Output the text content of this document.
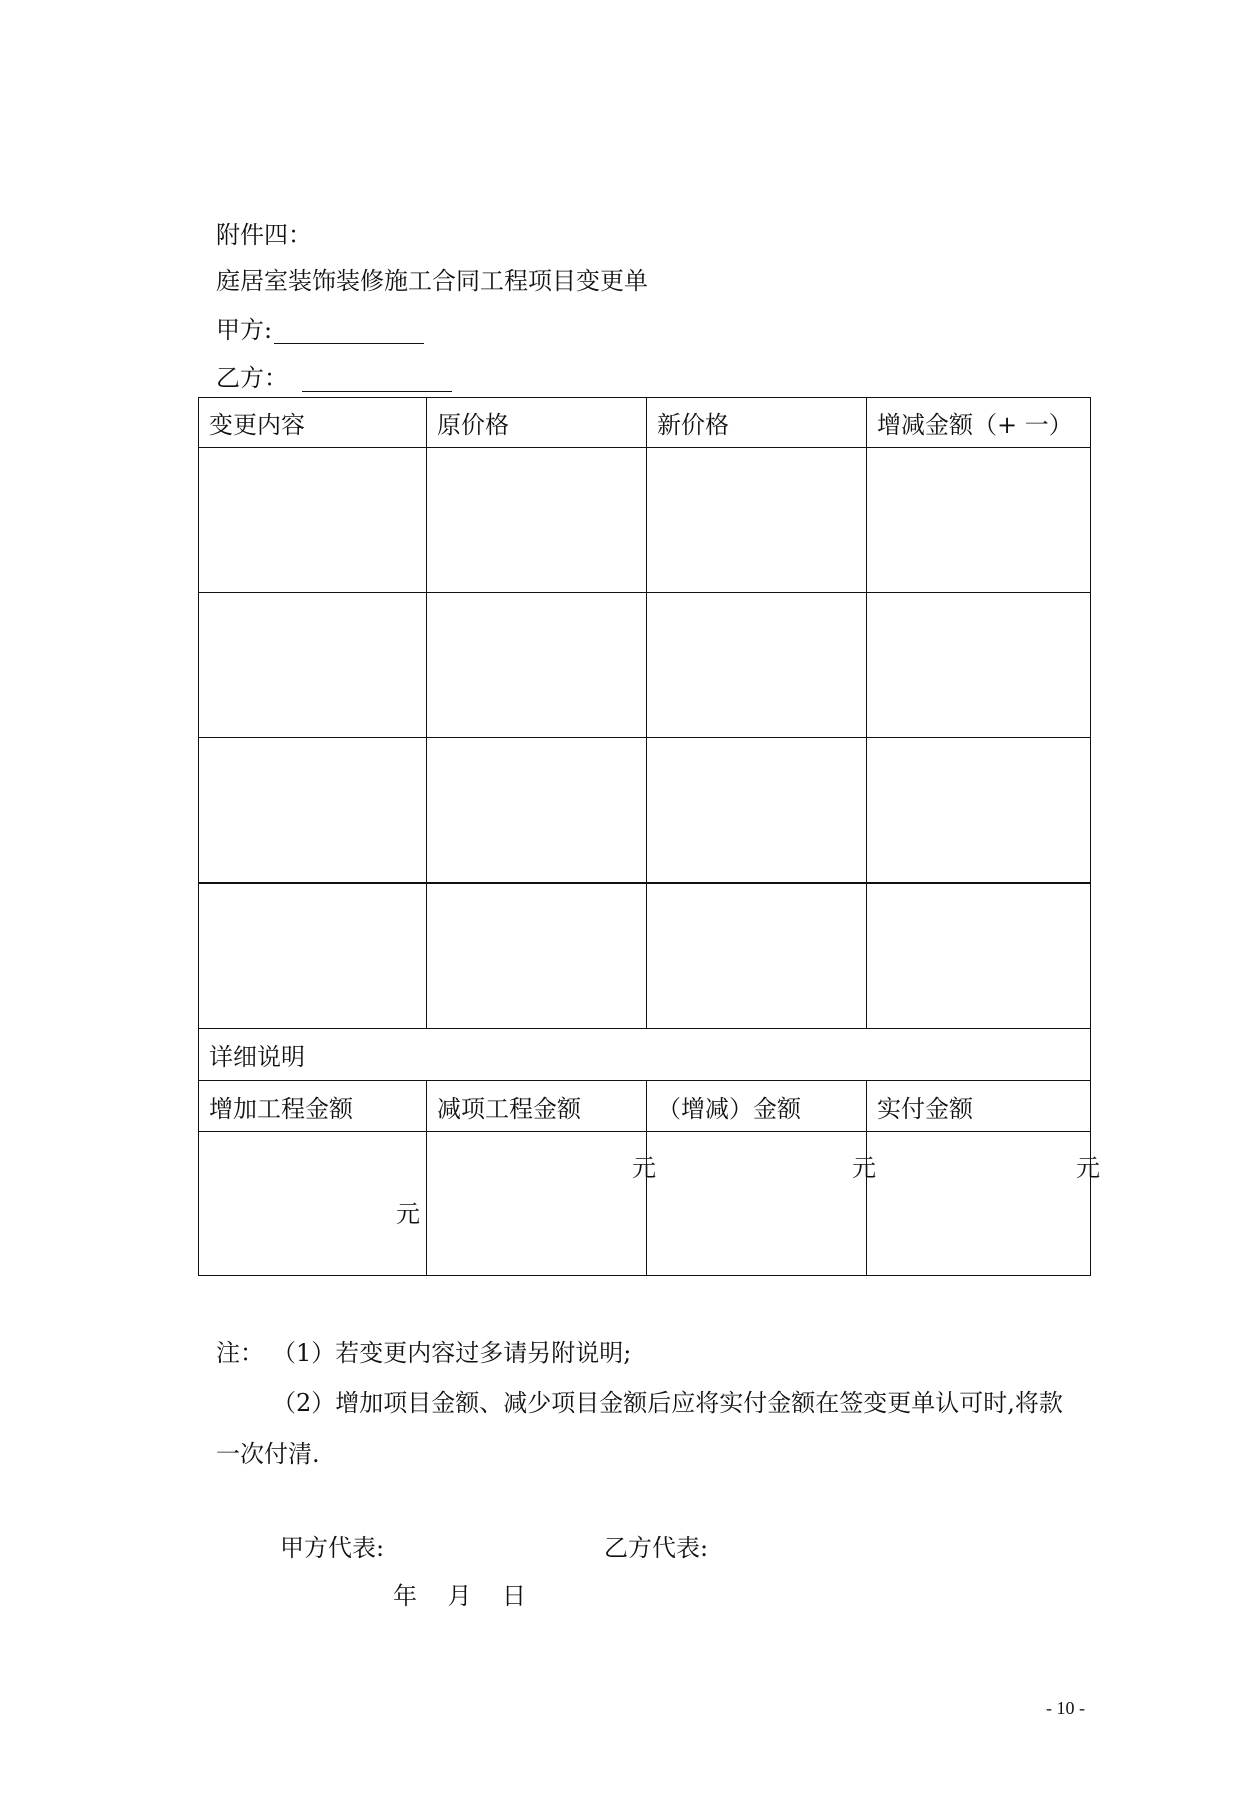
附件四：
庭居室装饰装修施工合同工程项目变更单
甲方:
乙方：
变更内容	原价格	新价格	增减金额（+ 一）

详细说明			
增加工程金额	减项工程金额	（增减）金额	实付金额

元	元	元	元
注： （1）若变更内容过多请另附说明;
（2）增加项目金额、减少项目金额后应将实付金额在签变更单认可时,将款
一次付清.
甲方代表:	乙方代表:
年    月    日
- 10 -
